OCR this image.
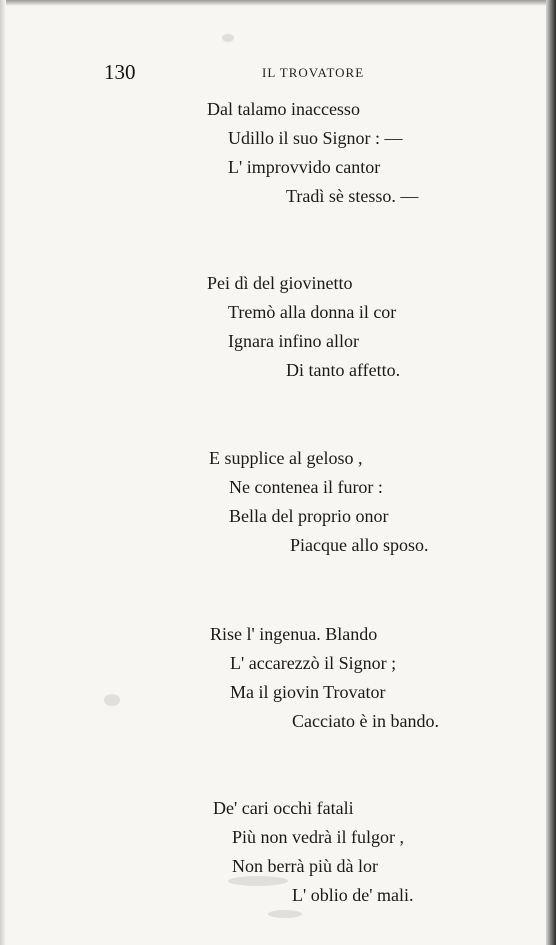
130	IL TROVATORE
Dal talamo inaccesso
Udillo il suo Signor : —
L' improvvido cantor
Tradì sè stesso. —
Pei dì del giovinetto
Tremò alla donna il cor
Ignara infino allor
Di tanto affetto.
E supplice al geloso ,
Ne contenea il furor :
Bella del proprio onor
Piacque allo sposo.
Rise l' ingenua. Blando
L' accarezzò il Signor ;
Ma il giovin Trovator
Cacciato è in bando.
De' cari occhi fatali
Più non vedrà il fulgor ,
Non berrà più dà lor
L' oblio de' mali.
